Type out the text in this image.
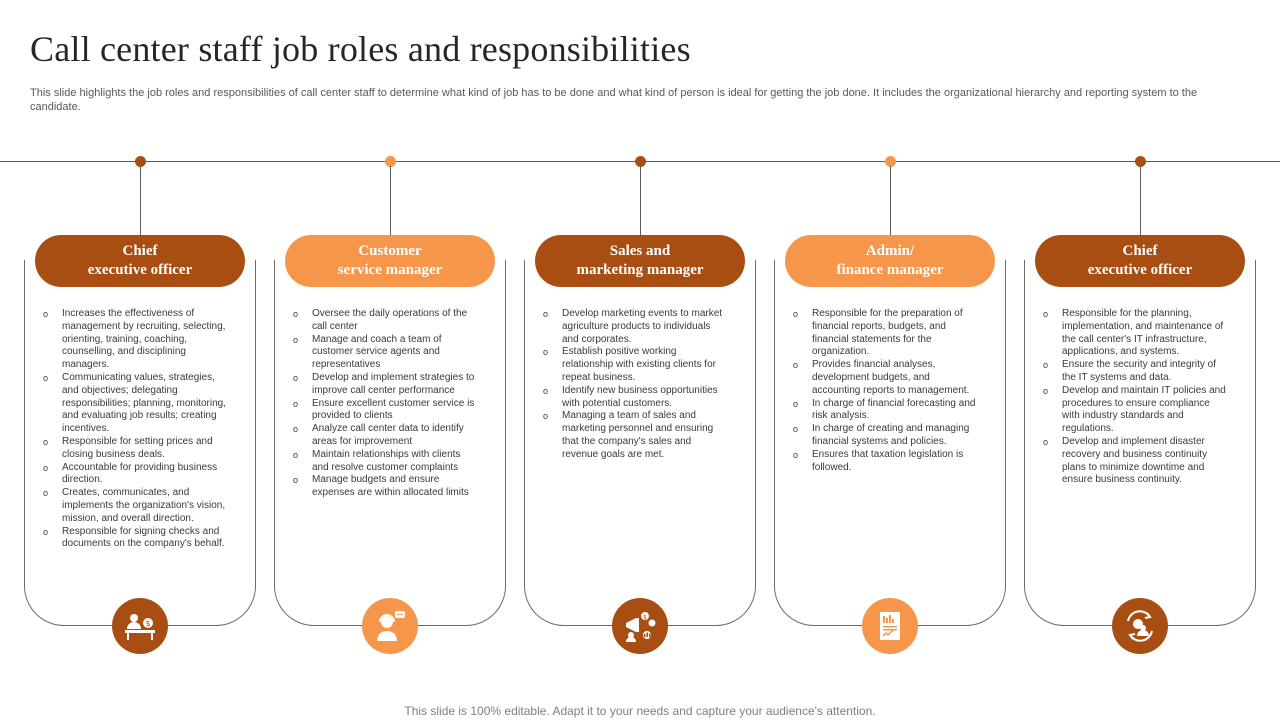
Call center staff job roles and responsibilities

This slide highlights the job roles and responsibilities of call center staff to determine what kind of job has to be done and what kind of person is ideal for getting the job done. It includes the organizational hierarchy and reporting system to the candidate.

Chief
executive officer
o Increases the effectiveness of management by recruiting, selecting, orienting, training, coaching, counselling, and disciplining managers.
o Communicating values, strategies, and objectives; delegating responsibilities; planning, monitoring, and evaluating job results; creating incentives.
o Responsible for setting prices and closing business deals.
o Accountable for providing business direction.
o Creates, communicates, and implements the organization's vision, mission, and overall direction.
o Responsible for signing checks and documents on the company's behalf.
$
Customer
service manager
o Oversee the daily operations of the call center
o Manage and coach a team of customer service agents and representatives
o Develop and implement strategies to improve call center performance
o Ensure excellent customer service is provided to clients
o Analyze call center data to identify areas for improvement
o Maintain relationships with clients and resolve customer complaints
o Manage budgets and ensure expenses are within allocated limits
Sales and
marketing manager
o Develop marketing events to market agriculture products to individuals and corporates.
o Establish positive working relationship with existing clients for repeat business.
o Identify new business opportunities with potential customers.
o Managing a team of sales and marketing personnel and ensuring that the company's sales and revenue goals are met.
$
Admin/
finance manager
o Responsible for the preparation of financial reports, budgets, and financial statements for the organization.
o Provides financial analyses, development budgets, and accounting reports to management.
o In charge of financial forecasting and risk analysis.
o In charge of creating and managing financial systems and policies.
o Ensures that taxation legislation is followed.
Chief
executive officer
o Responsible for the planning, implementation, and maintenance of the call center's IT infrastructure, applications, and systems.
o Ensure the security and integrity of the IT systems and data.
o Develop and maintain IT policies and procedures to ensure compliance with industry standards and regulations.
o Develop and implement disaster recovery and business continuity plans to minimize downtime and ensure business continuity.

This slide is 100% editable. Adapt it to your needs and capture your audience's attention.
